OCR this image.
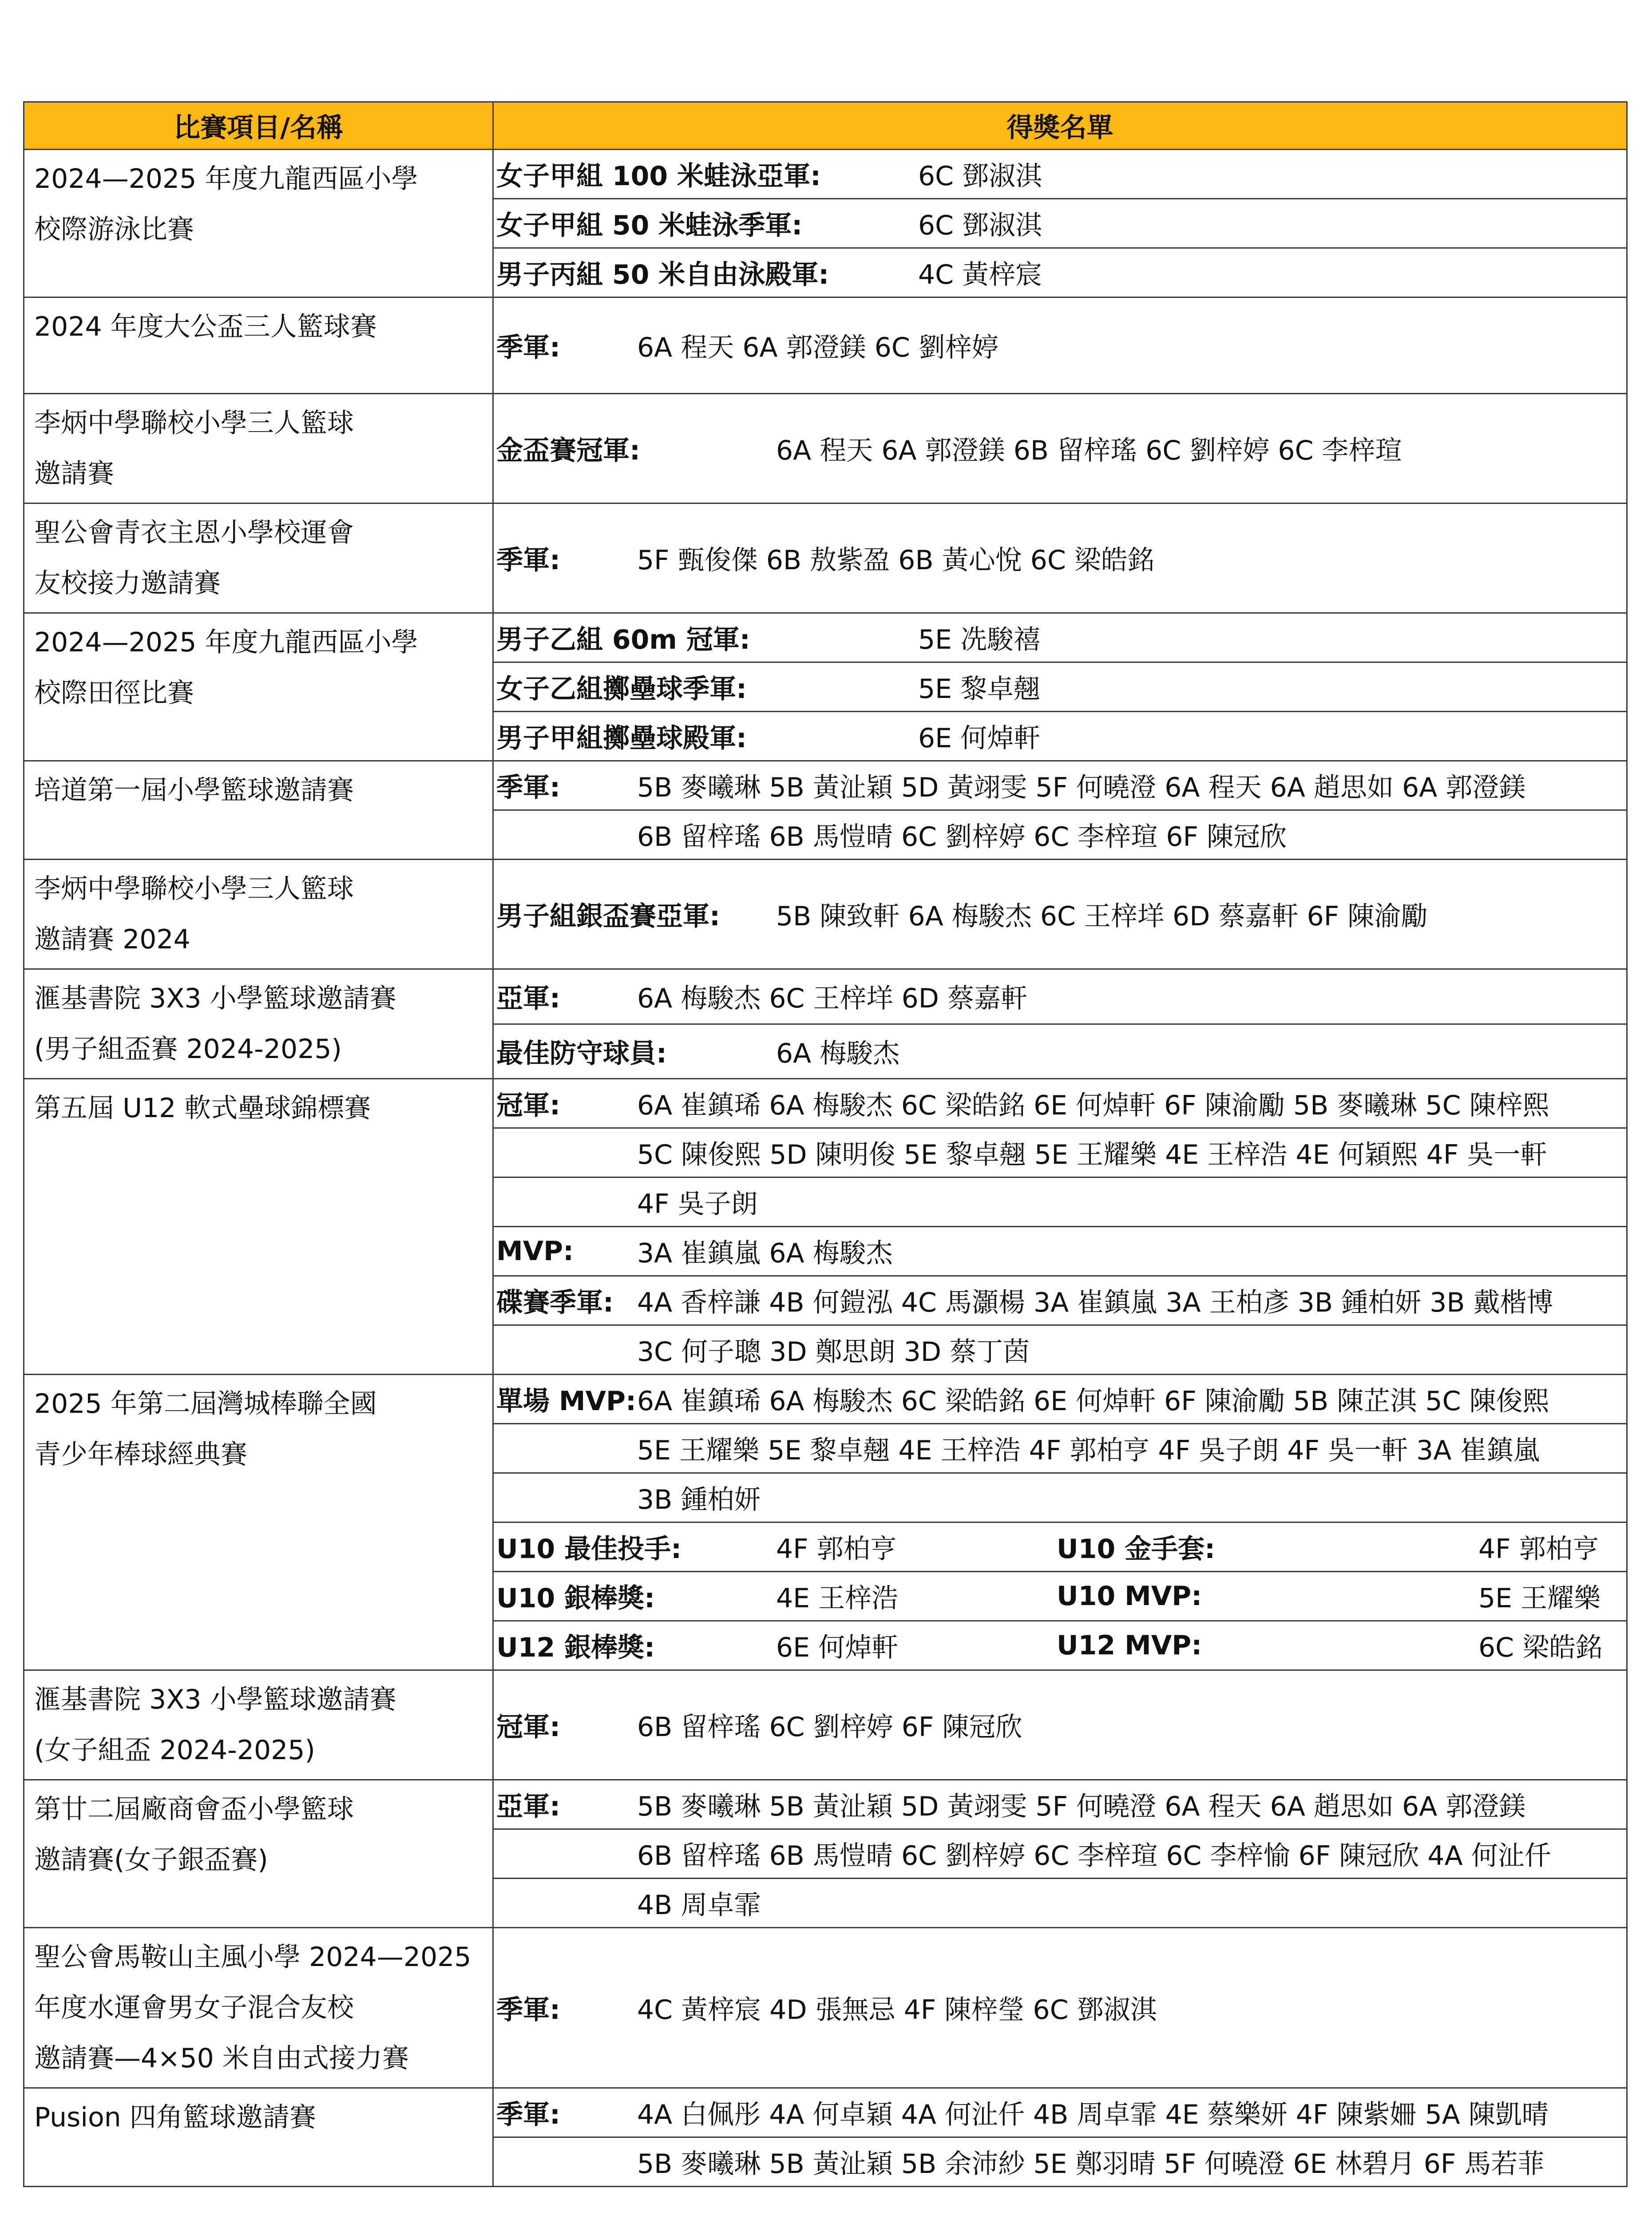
比賽項目/名稱	得獎名單

2024—2025 年度九龍西區小學
校際游泳比賽	女子甲組 100 米蛙泳亞軍: 6C 鄧淑淇
	女子甲組 50 米蛙泳季軍: 6C 鄧淑淇
	男子丙組 50 米自由泳殿軍: 4C 黃梓宸

2024 年度大公盃三人籃球賽	季軍: 6A 程天 6A 郭澄鎂 6C 劉梓婷

李炳中學聯校小學三人籃球
邀請賽	金盃賽冠軍: 6A 程天 6A 郭澄鎂 6B 留梓瑤 6C 劉梓婷 6C 李梓瑄

聖公會青衣主恩小學校運會
友校接力邀請賽	季軍: 5F 甄俊傑 6B 敖紫盈 6B 黃心悅 6C 梁皓銘

2024—2025 年度九龍西區小學
校際田徑比賽	男子乙組 60m 冠軍: 5E 冼駿禧
	女子乙組擲壘球季軍: 5E 黎卓翹
	男子甲組擲壘球殿軍: 6E 何焯軒

培道第一屆小學籃球邀請賽	季軍: 5B 麥曦琳 5B 黃沚穎 5D 黃翊雯 5F 何曉澄 6A 程天 6A 趙思如 6A 郭澄鎂
	6B 留梓瑤 6B 馬愷晴 6C 劉梓婷 6C 李梓瑄 6F 陳冠欣

李炳中學聯校小學三人籃球
邀請賽 2024	男子組銀盃賽亞軍: 5B 陳致軒 6A 梅駿杰 6C 王梓垟 6D 蔡嘉軒 6F 陳渝勵

滙基書院 3X3 小學籃球邀請賽
(男子組盃賽 2024-2025)	亞軍: 6A 梅駿杰 6C 王梓垟 6D 蔡嘉軒
	最佳防守球員: 6A 梅駿杰

第五屆 U12 軟式壘球錦標賽	冠軍: 6A 崔鎮琋 6A 梅駿杰 6C 梁皓銘 6E 何焯軒 6F 陳渝勵 5B 麥曦琳 5C 陳梓熙
	5C 陳俊熙 5D 陳明俊 5E 黎卓翹 5E 王耀樂 4E 王梓浩 4E 何穎熙 4F 吳一軒
	4F 吳子朗
	MVP: 3A 崔鎮嵐 6A 梅駿杰
	碟賽季軍: 4A 香梓謙 4B 何鎧泓 4C 馬灝楊 3A 崔鎮嵐 3A 王柏彥 3B 鍾柏妍 3B 戴楷博
	3C 何子聰 3D 鄭思朗 3D 蔡丁茵

2025 年第二屆灣城棒聯全國
青少年棒球經典賽	單場 MVP:6A 崔鎮琋 6A 梅駿杰 6C 梁皓銘 6E 何焯軒 6F 陳渝勵 5B 陳芷淇 5C 陳俊熙
	5E 王耀樂 5E 黎卓翹 4E 王梓浩 4F 郭柏亨 4F 吳子朗 4F 吳一軒 3A 崔鎮嵐
	3B 鍾柏妍
	U10 最佳投手: 4F 郭柏亨 U10 金手套: 4F 郭柏亨
	U10 銀棒獎: 4E 王梓浩 U10 MVP: 5E 王耀樂
	U12 銀棒獎: 6E 何焯軒 U12 MVP: 6C 梁皓銘

滙基書院 3X3 小學籃球邀請賽
(女子組盃 2024-2025)	冠軍: 6B 留梓瑤 6C 劉梓婷 6F 陳冠欣

第廿二屆廠商會盃小學籃球
邀請賽(女子銀盃賽)	亞軍: 5B 麥曦琳 5B 黃沚穎 5D 黃翊雯 5F 何曉澄 6A 程天 6A 趙思如 6A 郭澄鎂
	6B 留梓瑤 6B 馬愷晴 6C 劉梓婷 6C 李梓瑄 6C 李梓愉 6F 陳冠欣 4A 何沚仟
	4B 周卓霏

聖公會馬鞍山主風小學 2024—2025
年度水運會男女子混合友校
邀請賽—4×50 米自由式接力賽	季軍: 4C 黃梓宸 4D 張無忌 4F 陳梓瑩 6C 鄧淑淇

Pusion 四角籃球邀請賽	季軍: 4A 白佩彤 4A 何卓穎 4A 何沚仟 4B 周卓霏 4E 蔡樂妍 4F 陳紫姍 5A 陳凱晴
	5B 麥曦琳 5B 黃沚穎 5B 余沛紗 5E 鄭羽晴 5F 何曉澄 6E 林碧月 6F 馬若菲
